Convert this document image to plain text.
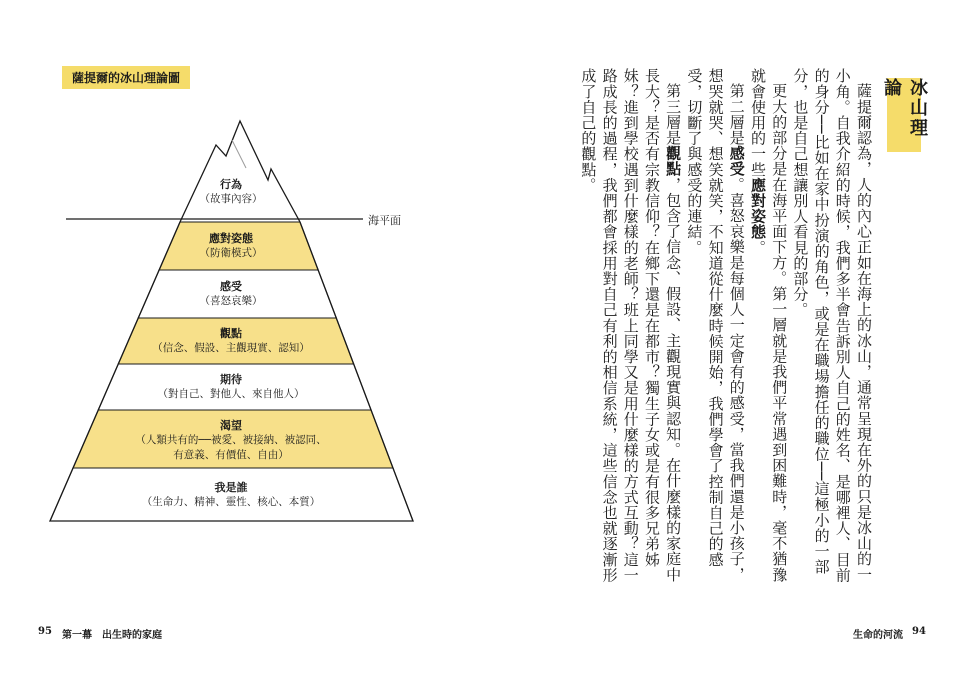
薩提爾的冰山理論圖
海平面
行為
（故事內容）
應對姿態
（防衛模式）
感受
（喜怒哀樂）
觀點
（信念、假設、主觀現實、認知）
期待
（對自己、對他人、來自他人）
渴望
（人類共有的──被愛、被接納、被認同、
有意義、有價值、自由）
我是誰
（生命力、精神、靈性、核心、本質）
95 第一幕　出生時的家庭
冰山理論

薩提爾認為，人的內心正如在海上的冰山，通常呈現在外的只是冰山的一小角。自我介紹的時候，我們多半會告訴別人自己的姓名、是哪裡人、目前的身分──比如在家中扮演的角色，或是在職場擔任的職位──這極小的一部分，也是自己想讓別人看見的部分。

更大的部分是在海平面下方。第一層就是我們平常遇到困難時，毫不猶豫就會使用的一些應對姿態。

第二層是感受。喜怒哀樂是每個人一定會有的感受，當我們還是小孩子，想哭就哭、想笑就笑，不知道從什麼時候開始，我們學會了控制自己的感受，切斷了與感受的連結。

第三層是觀點，包含了信念、假設、主觀現實與認知。在什麼樣的家庭中長大？是否有宗教信仰？在鄉下還是在都市？獨生子女或是有很多兄弟姊妹？進到學校遇到什麼樣的老師？班上同學又是用什麼樣的方式互動？這一路成長的過程，我們都會採用對自己有利的相信系統，這些信念也就逐漸形成了自己的觀點。

生命的河流 94
